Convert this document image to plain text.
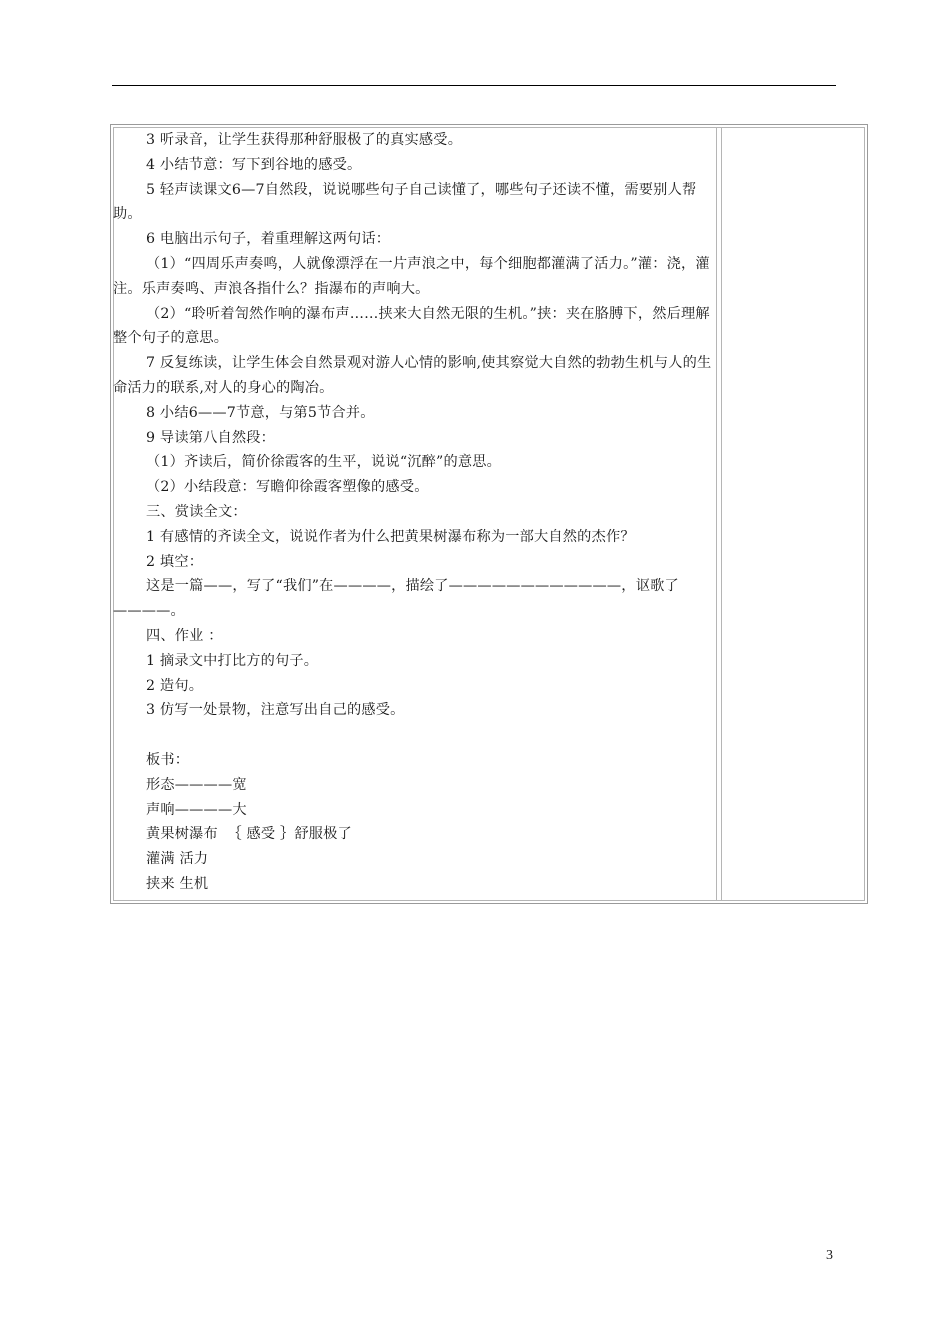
3 听录音，让学生获得那种舒服极了的真实感受。

4 小结节意：写下到谷地的感受。

5 轻声读课文6—7自然段，说说哪些句子自己读懂了，哪些句子还读不懂，需要别人帮助。

6 电脑出示句子，着重理解这两句话：

（1）“四周乐声奏鸣，人就像漂浮在一片声浪之中，每个细胞都灌满了活力。”灌：浇，灌注。乐声奏鸣、声浪各指什么？指瀑布的声响大。

（2）“聆听着訇然作响的瀑布声……挟来大自然无限的生机。”挟：夹在胳膊下，然后理解整个句子的意思。

7 反复练读，让学生体会自然景观对游人心情的影响,使其察觉大自然的勃勃生机与人的生命活力的联系,对人的身心的陶冶。

8 小结6——7节意，与第5节合并。

9 导读第八自然段：

（1）齐读后，简价徐霞客的生平，说说“沉醉”的意思。

（2）小结段意：写瞻仰徐霞客塑像的感受。

三、赏读全文：

1 有感情的齐读全文，说说作者为什么把黄果树瀑布称为一部大自然的杰作？

2 填空：

这是一篇——，写了“我们”在————，描绘了————————————，讴歌了————。

四、作业 ：

1 摘录文中打比方的句子。

2 造句。

3 仿写一处景物，注意写出自己的感受。

板书：

形态————宽

声响————大

黄果树瀑布  ｛ 感受 ｝舒服极了

灌满 活力

挟来 生机

3
